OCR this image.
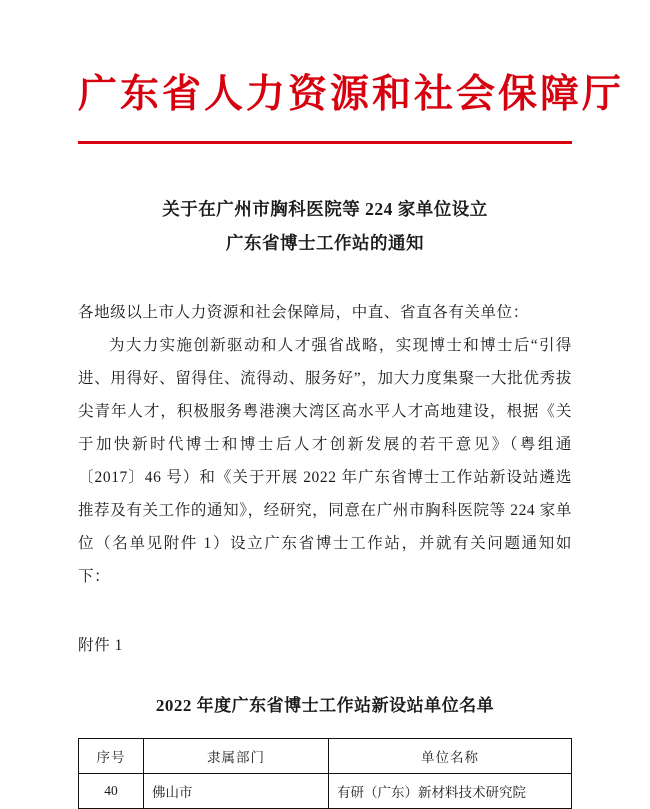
广东省人力资源和社会保障厅
关于在广州市胸科医院等 224 家单位设立
广东省博士工作站的通知

各地级以上市人力资源和社会保障局，中直、省直各有关单位：

为大力实施创新驱动和人才强省战略，实现博士和博士后“引得进、用得好、留得住、流得动、服务好”，加大力度集聚一大批优秀拔尖青年人才，积极服务粤港澳大湾区高水平人才高地建设，根据《关于加快新时代博士和博士后人才创新发展的若干意见》（粤组通〔2017〕46 号）和《关于开展 2022 年广东省博士工作站新设站遴选推荐及有关工作的通知》，经研究，同意在广州市胸科医院等 224 家单位（名单见附件 1）设立广东省博士工作站，并就有关问题通知如下：

附件 1
2022 年度广东省博士工作站新设站单位名单
序号	隶属部门	单位名称
40	佛山市	有研（广东）新材料技术研究院
